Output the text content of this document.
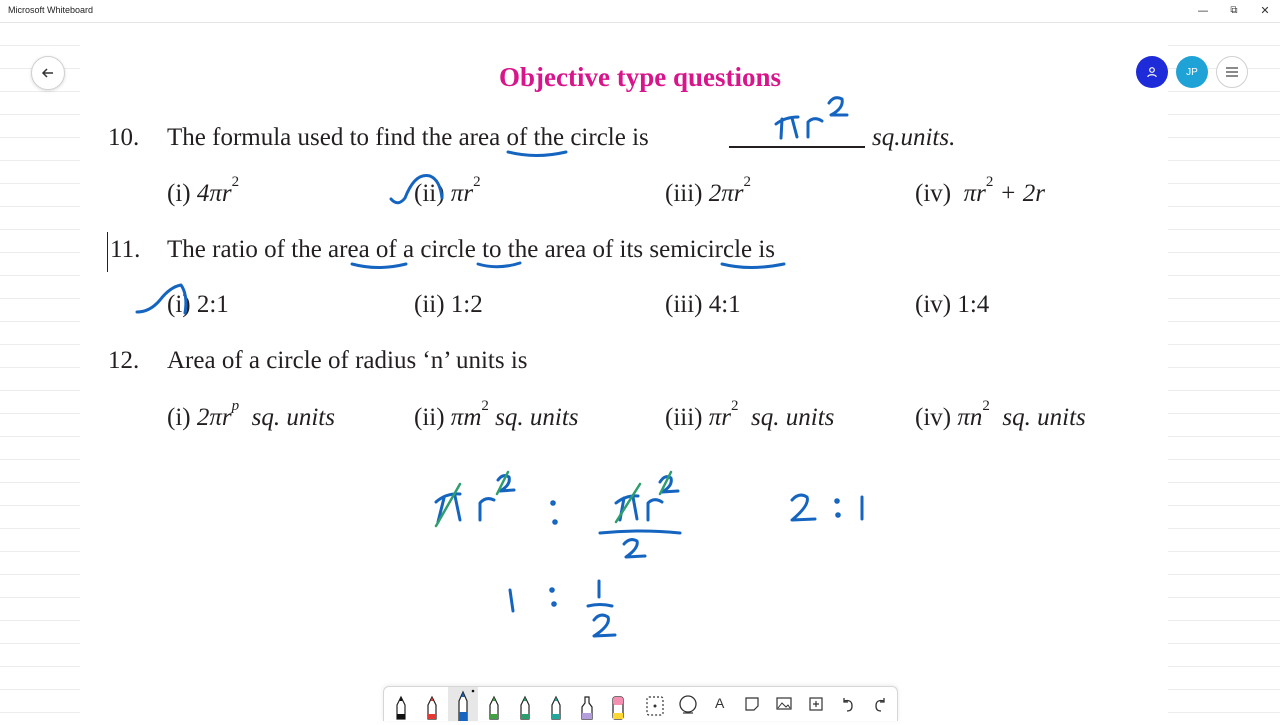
Microsoft Whiteboard	—	⧉	✕
JP
Objective type questions
10. The formula used to find the area of the circle is	sq.units.
(i) $4\pi r^2$	(ii) $\pi r^2$	(iii) $2\pi r^2$	(iv) $\pi r^2 + 2r$
11. The ratio of the area of a circle to the area of its semicircle is
(i) 2:1	(ii) 1:2	(iii) 4:1	(iv) 1:4
12. Area of a circle of radius ‘n’ units is
(i) $2\pi r^p$ sq. units	(ii) $\pi m^2$ sq. units	(iii) $\pi r^2$ sq. units	(iv) $\pi n^2$ sq. units
A
